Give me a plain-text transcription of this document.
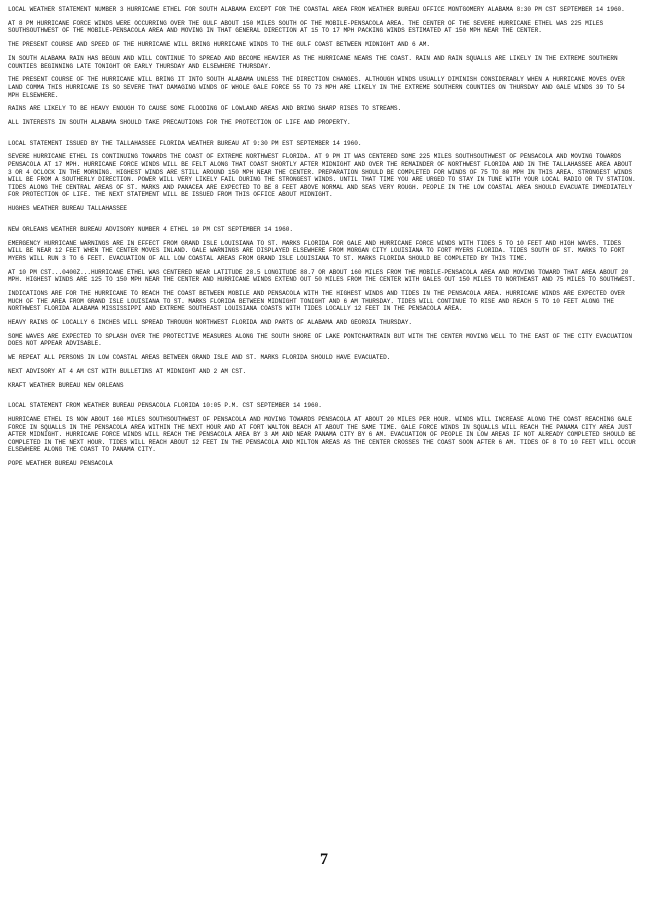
LOCAL WEATHER STATEMENT NUMBER 3 HURRICANE ETHEL FOR SOUTH ALABAMA EXCEPT FOR THE COASTAL AREA FROM WEATHER BUREAU OFFICE MONTGOMERY ALABAMA 8:30 PM CST SEPTEMBER 14 1960.

AT 8 PM HURRICANE FORCE WINDS WERE OCCURRING OVER THE GULF ABOUT 150 MILES SOUTH OF THE MOBILE-PENSACOLA AREA. THE CENTER OF THE SEVERE HURRICANE ETHEL WAS 225 MILES SOUTHSOUTHWEST OF THE MOBILE-PENSACOLA AREA AND MOVING IN THAT GENERAL DIRECTION AT 15 TO 17 MPH PACKING WINDS ESTIMATED AT 150 MPH NEAR THE CENTER.

THE PRESENT COURSE AND SPEED OF THE HURRICANE WILL BRING HURRICANE WINDS TO THE GULF COAST BETWEEN MIDNIGHT AND 6 AM.

IN SOUTH ALABAMA RAIN HAS BEGUN AND WILL CONTINUE TO SPREAD AND BECOME HEAVIER AS THE HURRICANE NEARS THE COAST. RAIN AND RAIN SQUALLS ARE LIKELY IN THE EXTREME SOUTHERN COUNTIES BEGINNING LATE TONIGHT OR EARLY THURSDAY AND ELSEWHERE THURSDAY.

THE PRESENT COURSE OF THE HURRICANE WILL BRING IT INTO SOUTH ALABAMA UNLESS THE DIRECTION CHANGES. ALTHOUGH WINDS USUALLY DIMINISH CONSIDERABLY WHEN A HURRICANE MOVES OVER LAND COMMA THIS HURRICANE IS SO SEVERE THAT DAMAGING WINDS OF WHOLE GALE FORCE 55 TO 73 MPH ARE LIKELY IN THE EXTREME SOUTHERN COUNTIES ON THURSDAY AND GALE WINDS 39 TO 54 MPH ELSEWHERE.

RAINS ARE LIKELY TO BE HEAVY ENOUGH TO CAUSE SOME FLOODING OF LOWLAND AREAS AND BRING SHARP RISES TO STREAMS.

ALL INTERESTS IN SOUTH ALABAMA SHOULD TAKE PRECAUTIONS FOR THE PROTECTION OF LIFE AND PROPERTY.

LOCAL STATEMENT ISSUED BY THE TALLAHASSEE FLORIDA WEATHER BUREAU AT 9:30 PM EST SEPTEMBER 14 1960.

SEVERE HURRICANE ETHEL IS CONTINUING TOWARDS THE COAST OF EXTREME NORTHWEST FLORIDA. AT 9 PM IT WAS CENTERED SOME 225 MILES SOUTHSOUTHWEST OF PENSACOLA AND MOVING TOWARDS PENSACOLA AT 17 MPH. HURRICANE FORCE WINDS WILL BE FELT ALONG THAT COAST SHORTLY AFTER MIDNIGHT AND OVER THE REMAINDER OF NORTHWEST FLORIDA AND IN THE TALLAHASSEE AREA ABOUT 3 OR 4 OCLOCK IN THE MORNING. HIGHEST WINDS ARE STILL AROUND 150 MPH NEAR THE CENTER. PREPARATION SHOULD BE COMPLETED FOR WINDS OF 75 TO 80 MPH IN THIS AREA. STRONGEST WINDS WILL BE FROM A SOUTHERLY DIRECTION. POWER WILL VERY LIKELY FAIL DURING THE STRONGEST WINDS. UNTIL THAT TIME YOU ARE URGED TO STAY IN TUNE WITH YOUR LOCAL RADIO OR TV STATION. TIDES ALONG THE CENTRAL AREAS OF ST. MARKS AND PANACEA ARE EXPECTED TO BE 8 FEET ABOVE NORMAL AND SEAS VERY ROUGH. PEOPLE IN THE LOW COASTAL AREA SHOULD EVACUATE IMMEDIATELY FOR PROTECTION OF LIFE. THE NEXT STATEMENT WILL BE ISSUED FROM THIS OFFICE ABOUT MIDNIGHT.

HUGHES WEATHER BUREAU TALLAHASSEE

NEW ORLEANS WEATHER BUREAU ADVISORY NUMBER 4 ETHEL 10 PM CST SEPTEMBER 14 1960.

EMERGENCY HURRICANE WARNINGS ARE IN EFFECT FROM GRAND ISLE LOUISIANA TO ST. MARKS FLORIDA FOR GALE AND HURRICANE FORCE WINDS WITH TIDES 5 TO 10 FEET AND HIGH WAVES. TIDES WILL BE NEAR 12 FEET WHEN THE CENTER MOVES INLAND. GALE WARNINGS ARE DISPLAYED ELSEWHERE FROM MORGAN CITY LOUISIANA TO FORT MYERS FLORIDA. TIDES SOUTH OF ST. MARKS TO FORT MYERS WILL RUN 3 TO 6 FEET. EVACUATION OF ALL LOW COASTAL AREAS FROM GRAND ISLE LOUISIANA TO ST. MARKS FLORIDA SHOULD BE COMPLETED BY THIS TIME.

AT 10 PM CST...0400Z...HURRICANE ETHEL WAS CENTERED NEAR LATITUDE 28.5 LONGITUDE 88.7 OR ABOUT 160 MILES FROM THE MOBILE-PENSACOLA AREA AND MOVING TOWARD THAT AREA ABOUT 20 MPH. HIGHEST WINDS ARE 125 TO 150 MPH NEAR THE CENTER AND HURRICANE WINDS EXTEND OUT 50 MILES FROM THE CENTER WITH GALES OUT 150 MILES TO NORTHEAST AND 75 MILES TO SOUTHWEST.

INDICATIONS ARE FOR THE HURRICANE TO REACH THE COAST BETWEEN MOBILE AND PENSACOLA WITH THE HIGHEST WINDS AND TIDES IN THE PENSACOLA AREA. HURRICANE WINDS ARE EXPECTED OVER MUCH OF THE AREA FROM GRAND ISLE LOUISIANA TO ST. MARKS FLORIDA BETWEEN MIDNIGHT TONIGHT AND 6 AM THURSDAY. TIDES WILL CONTINUE TO RISE AND REACH 5 TO 10 FEET ALONG THE NORTHWEST FLORIDA ALABAMA MISSISSIPPI AND EXTREME SOUTHEAST LOUISIANA COASTS WITH TIDES LOCALLY 12 FEET IN THE PENSACOLA AREA.

HEAVY RAINS OF LOCALLY 6 INCHES WILL SPREAD THROUGH NORTHWEST FLORIDA AND PARTS OF ALABAMA AND GEORGIA THURSDAY.

SOME WAVES ARE EXPECTED TO SPLASH OVER THE PROTECTIVE MEASURES ALONG THE SOUTH SHORE OF LAKE PONTCHARTRAIN BUT WITH THE CENTER MOVING WELL TO THE EAST OF THE CITY EVACUATION DOES NOT APPEAR ADVISABLE.

WE REPEAT ALL PERSONS IN LOW COASTAL AREAS BETWEEN GRAND ISLE AND ST. MARKS FLORIDA SHOULD HAVE EVACUATED.

NEXT ADVISORY AT 4 AM CST WITH BULLETINS AT MIDNIGHT AND 2 AM CST.

KRAFT WEATHER BUREAU NEW ORLEANS

LOCAL STATEMENT FROM WEATHER BUREAU PENSACOLA FLORIDA 10:05 P.M. CST SEPTEMBER 14 1960.

HURRICANE ETHEL IS NOW ABOUT 160 MILES SOUTHSOUTHWEST OF PENSACOLA AND MOVING TOWARDS PENSACOLA AT ABOUT 20 MILES PER HOUR. WINDS WILL INCREASE ALONG THE COAST REACHING GALE FORCE IN SQUALLS IN THE PENSACOLA AREA WITHIN THE NEXT HOUR AND AT FORT WALTON BEACH AT ABOUT THE SAME TIME. GALE FORCE WINDS IN SQUALLS WILL REACH THE PANAMA CITY AREA JUST AFTER MIDNIGHT. HURRICANE FORCE WINDS WILL REACH THE PENSACOLA AREA BY 3 AM AND NEAR PANAMA CITY BY 6 AM. EVACUATION OF PEOPLE IN LOW AREAS IF NOT ALREADY COMPLETED SHOULD BE COMPLETED IN THE NEXT HOUR. TIDES WILL REACH ABOUT 12 FEET IN THE PENSACOLA AND MILTON AREAS AS THE CENTER CROSSES THE COAST SOON AFTER 6 AM. TIDES OF 8 TO 10 FEET WILL OCCUR ELSEWHERE ALONG THE COAST TO PANAMA CITY.

POPE WEATHER BUREAU PENSACOLA

7
